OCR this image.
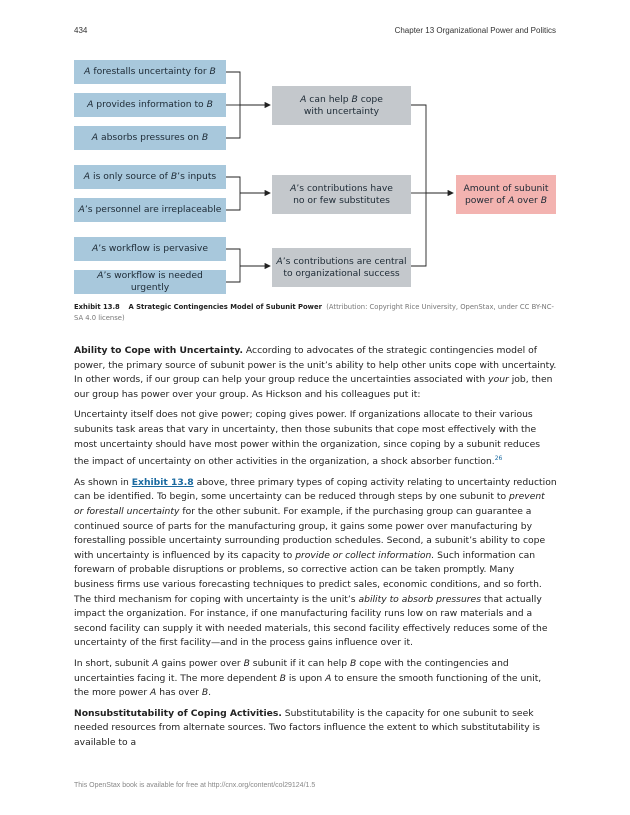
434	Chapter 13 Organizational Power and Politics
A forestalls uncertainty for B
A provides information to B
A absorbs pressures on B
A is only source of B’s inputs
A’s personnel are irreplaceable
A’s workflow is pervasive
A’s workflow is needed urgently
A can help B cope
with uncertainty
A’s contributions have
no or few substitutes
A’s contributions are central
to organizational success
Amount of subunit
power of A over B
Exhibit 13.8 A Strategic Contingencies Model of Subunit Power (Attribution: Copyright Rice University, OpenStax, under CC BY-NC-SA 4.0 license)

Ability to Cope with Uncertainty. According to advocates of the strategic contingencies model of power, the primary source of subunit power is the unit’s ability to help other units cope with uncertainty. In other words, if our group can help your group reduce the uncertainties associated with your job, then our group has power over your group. As Hickson and his colleagues put it:

Uncertainty itself does not give power; coping gives power. If organizations allocate to their various subunits task areas that vary in uncertainty, then those subunits that cope most effectively with the most uncertainty should have most power within the organization, since coping by a subunit reduces the impact of uncertainty on other activities in the organization, a shock absorber function.$^{26}$

As shown in Exhibit 13.8 above, three primary types of coping activity relating to uncertainty reduction can be identified. To begin, some uncertainty can be reduced through steps by one subunit to prevent or forestall uncertainty for the other subunit. For example, if the purchasing group can guarantee a continued source of parts for the manufacturing group, it gains some power over manufacturing by forestalling possible uncertainty surrounding production schedules. Second, a subunit’s ability to cope with uncertainty is influenced by its capacity to provide or collect information. Such information can forewarn of probable disruptions or problems, so corrective action can be taken promptly. Many business firms use various forecasting techniques to predict sales, economic conditions, and so forth. The third mechanism for coping with uncertainty is the unit’s ability to absorb pressures that actually impact the organization. For instance, if one manufacturing facility runs low on raw materials and a second facility can supply it with needed materials, this second facility effectively reduces some of the uncertainty of the first facility—and in the process gains influence over it.

In short, subunit A gains power over B subunit if it can help B cope with the contingencies and uncertainties facing it. The more dependent B is upon A to ensure the smooth functioning of the unit, the more power A has over B.

Nonsubstitutability of Coping Activities. Substitutability is the capacity for one subunit to seek needed resources from alternate sources. Two factors influence the extent to which substitutability is available to a

This OpenStax book is available for free at http://cnx.org/content/col29124/1.5
